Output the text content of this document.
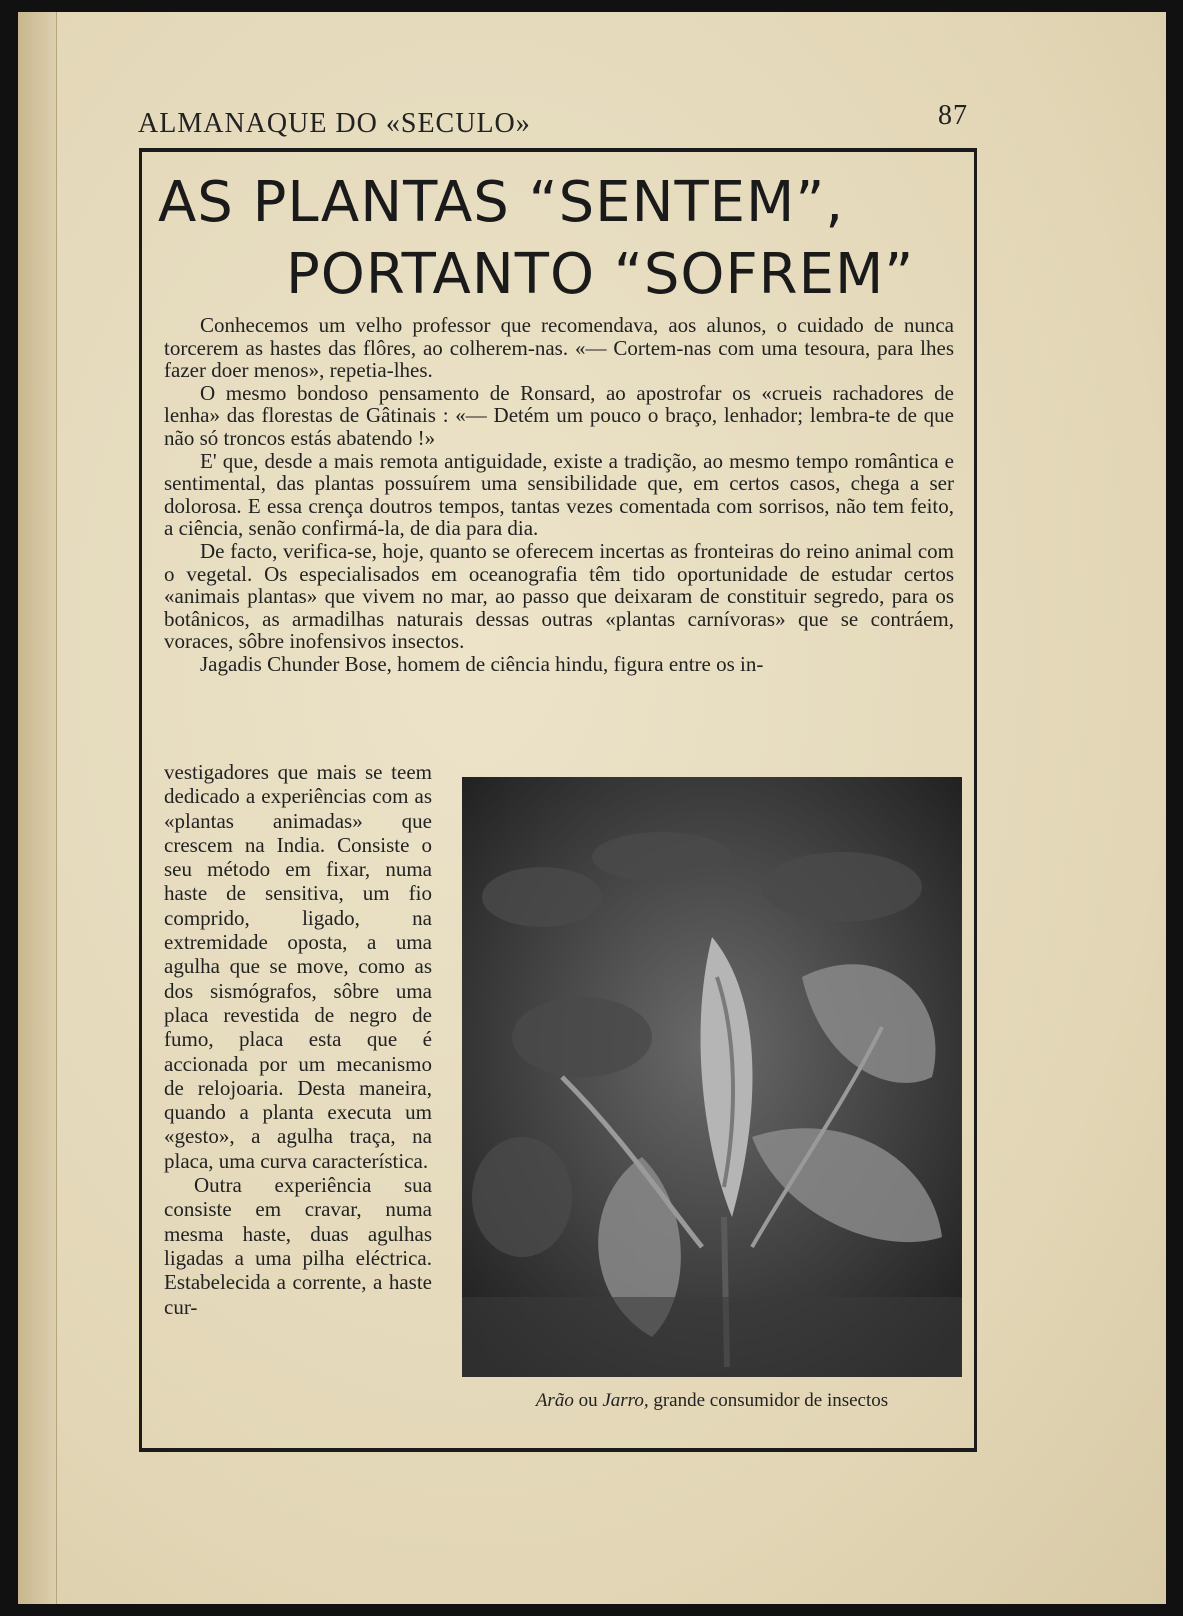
ALMANAQUE DO «SECULO»	87
AS PLANTAS “SENTEM”,
PORTANTO “SOFREM”

Conhecemos um velho professor que recomendava, aos alunos, o cuidado de nunca torcerem as hastes das flôres, ao colherem-nas. «— Cortem-nas com uma tesoura, para lhes fazer doer menos», repetia-lhes.

O mesmo bondoso pensamento de Ronsard, ao apostrofar os «crueis rachadores de lenha» das florestas de Gâtinais : «— Detém um pouco o braço, lenhador; lembra-te de que não só troncos estás abatendo !»

E' que, desde a mais remota antiguidade, existe a tradição, ao mesmo tempo romântica e sentimental, das plantas possuírem uma sensibilidade que, em certos casos, chega a ser dolorosa. E essa crença doutros tempos, tantas vezes comentada com sorrisos, não tem feito, a ciência, senão confirmá-la, de dia para dia.

De facto, verifica-se, hoje, quanto se oferecem incertas as fronteiras do reino animal com o vegetal. Os especialisados em oceanografia têm tido oportunidade de estudar certos «animais plantas» que vivem no mar, ao passo que deixaram de constituir segredo, para os botânicos, as armadilhas naturais dessas outras «plantas carnívoras» que se contráem, voraces, sôbre inofensivos insectos.

Jagadis Chunder Bose, homem de ciência hindu, figura entre os in-

vestigadores que mais se teem dedicado a experiências com as «plantas animadas» que crescem na India. Consiste o seu método em fixar, numa haste de sensitiva, um fio comprido, ligado, na extremidade oposta, a uma agulha que se move, como as dos sismógrafos, sôbre uma placa revestida de negro de fumo, placa esta que é accionada por um mecanismo de relojoaria. Desta maneira, quando a planta executa um «gesto», a agulha traça, na placa, uma curva característica.

Outra experiência sua consiste em cravar, numa mesma haste, duas agulhas ligadas a uma pilha eléctrica. Estabelecida a corrente, a haste cur-

Arão ou Jarro, grande consumidor de insectos
